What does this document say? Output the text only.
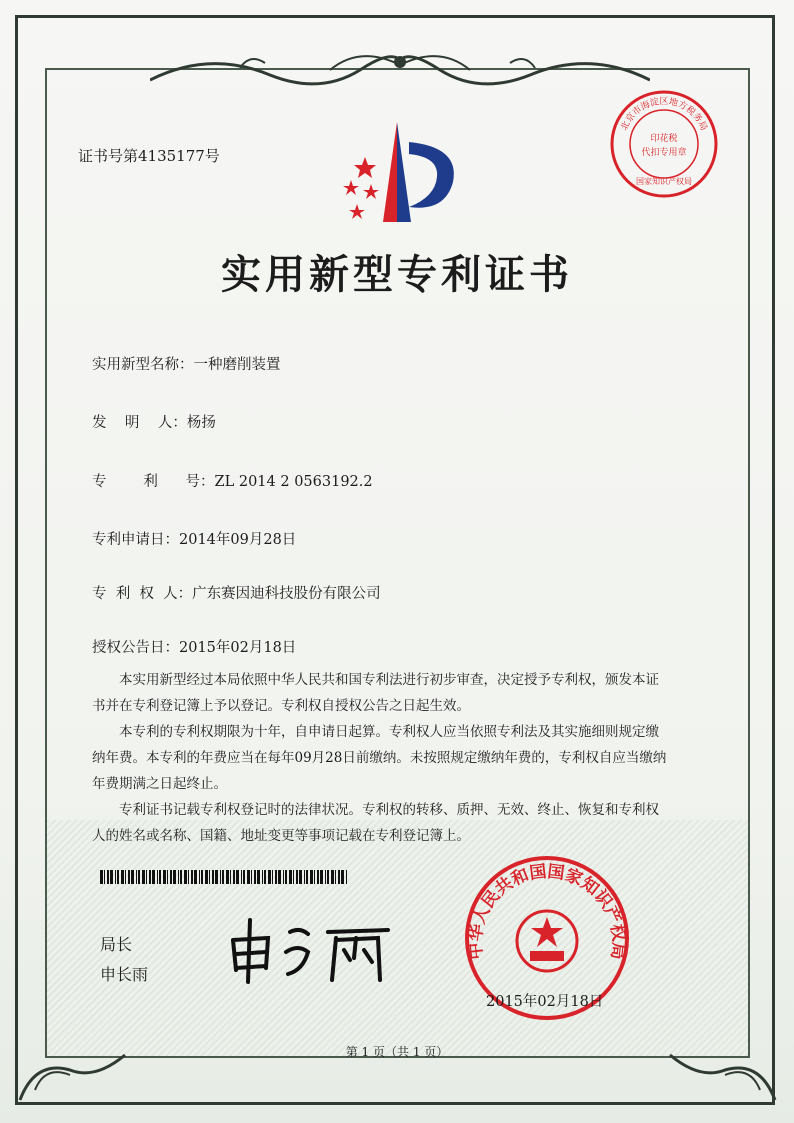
证书号第4135177号
北京市海淀区地方税务局
印花税
代扣专用章
国家知识产权局
实用新型专利证书
实用新型名称：一种磨削装置
发    明    人：杨扬
专        利      号：ZL 2014 2 0563192.2
专利申请日：2014年09月28日
专  利  权  人：广东赛因迪科技股份有限公司
授权公告日：2015年02月18日

本实用新型经过本局依照中华人民共和国专利法进行初步审查，决定授予专利权，颁发本证书并在专利登记簿上予以登记。专利权自授权公告之日起生效。

本专利的专利权期限为十年，自申请日起算。专利权人应当依照专利法及其实施细则规定缴纳年费。本专利的年费应当在每年09月28日前缴纳。未按照规定缴纳年费的，专利权自应当缴纳年费期满之日起终止。

专利证书记载专利权登记时的法律状况。专利权的转移、质押、无效、终止、恢复和专利权人的姓名或名称、国籍、地址变更等事项记载在专利登记簿上。

局长
申长雨
中华人民共和国国家知识产权局
2015年02月18日
第 1 页（共 1 页）
